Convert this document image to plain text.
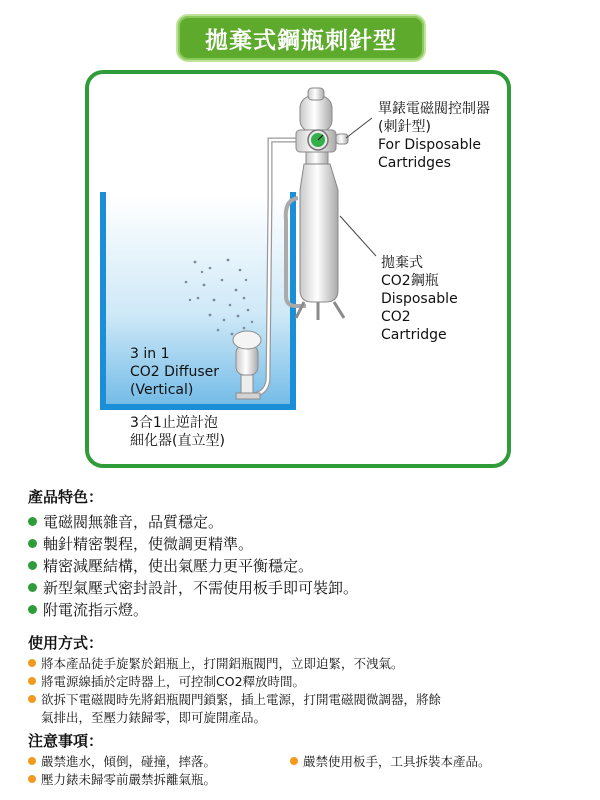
拋棄式鋼瓶刺針型
單錶電磁閥控制器
(刺針型)
For Disposable
Cartridges
拋棄式
CO2鋼瓶
Disposable
CO2
Cartridge
3 in 1
CO2 Diffuser
(Vertical)
3合1止逆計泡
細化器(直立型)
產品特色：
電磁閥無雜音，品質穩定。
軸針精密製程，使微調更精準。
精密減壓結構，使出氣壓力更平衡穩定。
新型氣壓式密封設計，不需使用板手即可裝卸。
附電流指示燈。
使用方式：
將本產品徒手旋緊於鋁瓶上，打開鋁瓶閥門，立即迫緊，不洩氣。
將電源線插於定時器上，可控制CO2釋放時間。
欲拆下電磁閥時先將鋁瓶閥門鎖緊，插上電源，打開電磁閥微調器，將餘
氣排出，至壓力錶歸零，即可旋開產品。
注意事項：
嚴禁進水，傾倒，碰撞，摔落。	嚴禁使用板手，工具拆裝本產品。
壓力錶未歸零前嚴禁拆離氣瓶。
